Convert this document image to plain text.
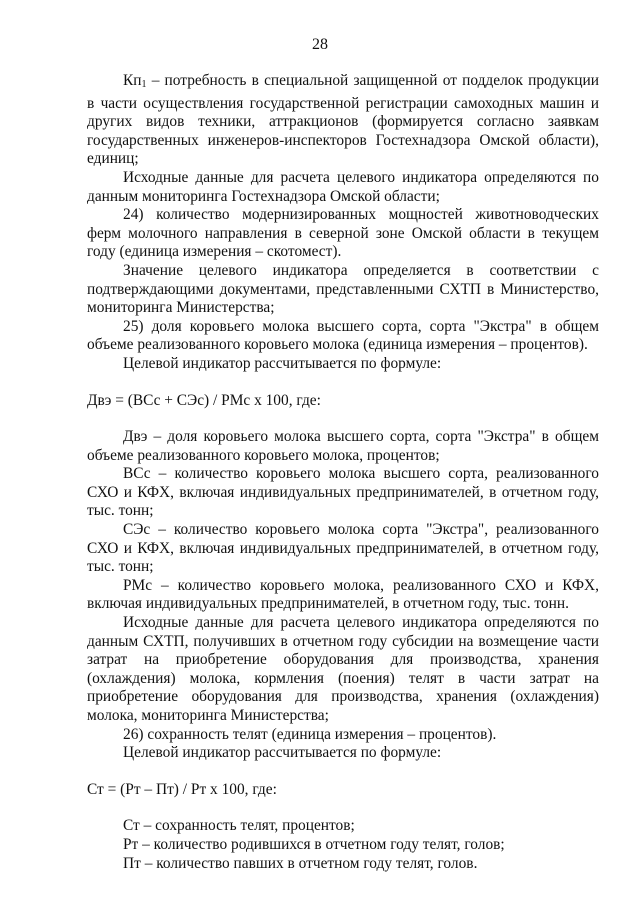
28

$Кп_1$ – потребность в специальной защищенной от подделок продукции в части осуществления государственной регистрации самоходных машин и других видов техники, аттракционов (формируется согласно заявкам государственных инженеров-инспекторов Гостехнадзора Омской области), единиц;

Исходные данные для расчета целевого индикатора определяются по данным мониторинга Гостехнадзора Омской области;

24) количество модернизированных мощностей животноводческих ферм молочного направления в северной зоне Омской области в текущем году (единица измерения – скотомест).

Значение целевого индикатора определяется в соответствии с подтверждающими документами, представленными СХТП в Министерство, мониторинга Министерства;

25) доля коровьего молока высшего сорта, сорта "Экстра" в общем объеме реализованного коровьего молока (единица измерения – процентов).

Целевой индикатор рассчитывается по формуле:

Двэ = (ВСс + СЭс) / РМс x 100, где:

Двэ – доля коровьего молока высшего сорта, сорта "Экстра" в общем объеме реализованного коровьего молока, процентов;

ВСс – количество коровьего молока высшего сорта, реализованного СХО и КФХ, включая индивидуальных предпринимателей, в отчетном году, тыс. тонн;

СЭс – количество коровьего молока сорта "Экстра", реализованного СХО и КФХ, включая индивидуальных предпринимателей, в отчетном году, тыс. тонн;

РМс – количество коровьего молока, реализованного СХО и КФХ, включая индивидуальных предпринимателей, в отчетном году, тыс. тонн.

Исходные данные для расчета целевого индикатора определяются по данным СХТП, получивших в отчетном году субсидии на возмещение части затрат на приобретение оборудования для производства, хранения (охлаждения) молока, кормления (поения) телят в части затрат на приобретение оборудования для производства, хранения (охлаждения) молока, мониторинга Министерства;

26) сохранность телят (единица измерения – процентов).

Целевой индикатор рассчитывается по формуле:

Ст = (Рт – Пт) / Рт x 100, где:

Ст – сохранность телят, процентов;

Рт – количество родившихся в отчетном году телят, голов;

Пт – количество павших в отчетном году телят, голов.
